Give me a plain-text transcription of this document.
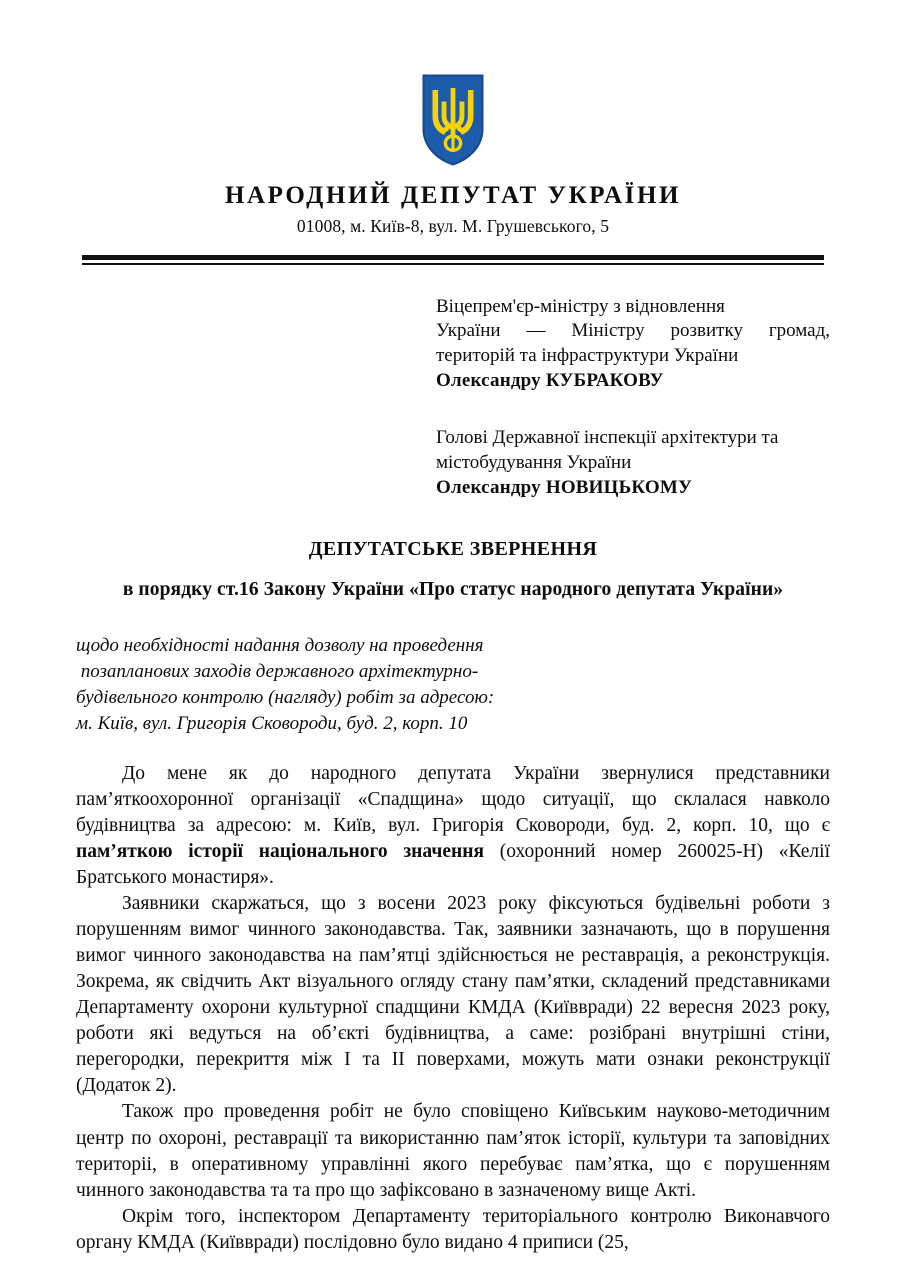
НАРОДНИЙ ДЕПУТАТ УКРАЇНИ
01008, м. Київ-8, вул. М. Грушевського, 5
Віцепрем'єр-міністру з відновлення
України — Міністру розвитку громад,
територій та інфраструктури України
Олександру КУБРАКОВУ
Голові Державної інспекції архітектури та
містобудування України
Олександру НОВИЦЬКОМУ
ДЕПУТАТСЬКЕ ЗВЕРНЕННЯ
в порядку ст.16 Закону України «Про статус народного депутата України»
щодо необхідності надання дозволу на проведення
позапланових заходів державного архітектурно-
будівельного контролю (нагляду) робіт за адресою:
м. Київ, вул. Григорія Сковороди, буд. 2, корп. 10

До мене як до народного депутата України звернулися представники пам’яткоохоронної організації «Спадщина» щодо ситуації, що склалася навколо будівництва за адресою: м. Київ, вул. Григорія Сковороди, буд. 2, корп. 10, що є пам’яткою історії національного значення (охоронний номер 260025-Н) «Келії Братського монастиря».

Заявники скаржаться, що з восени 2023 року фіксуються будівельні роботи з порушенням вимог чинного законодавства. Так, заявники зазначають, що в порушення вимог чинного законодавства на пам’ятці здійснюється не реставрація, а реконструкція. Зокрема, як свідчить Акт візуального огляду стану пам’ятки, складений представниками Департаменту охорони культурної спадщини КМДА (Київвради) 22 вересня 2023 року, роботи які ведуться на об’єкті будівництва, а саме: розібрані внутрішні стіни, перегородки, перекриття між I та II поверхами, можуть мати ознаки реконструкції (Додаток 2).

Також про проведення робіт не було сповіщено Київським науково-методичним центр по охороні, реставрації та використанню пам’яток історії, культури та заповідних територіі, в оперативному управлінні якого перебуває пам’ятка, що є порушенням чинного законодавства та та про що зафіксовано в зазначеному вище Акті.

Окрім того, інспектором Департаменту територіального контролю Виконавчого органу КМДА (Київвради) послідовно було видано 4 приписи (25,
